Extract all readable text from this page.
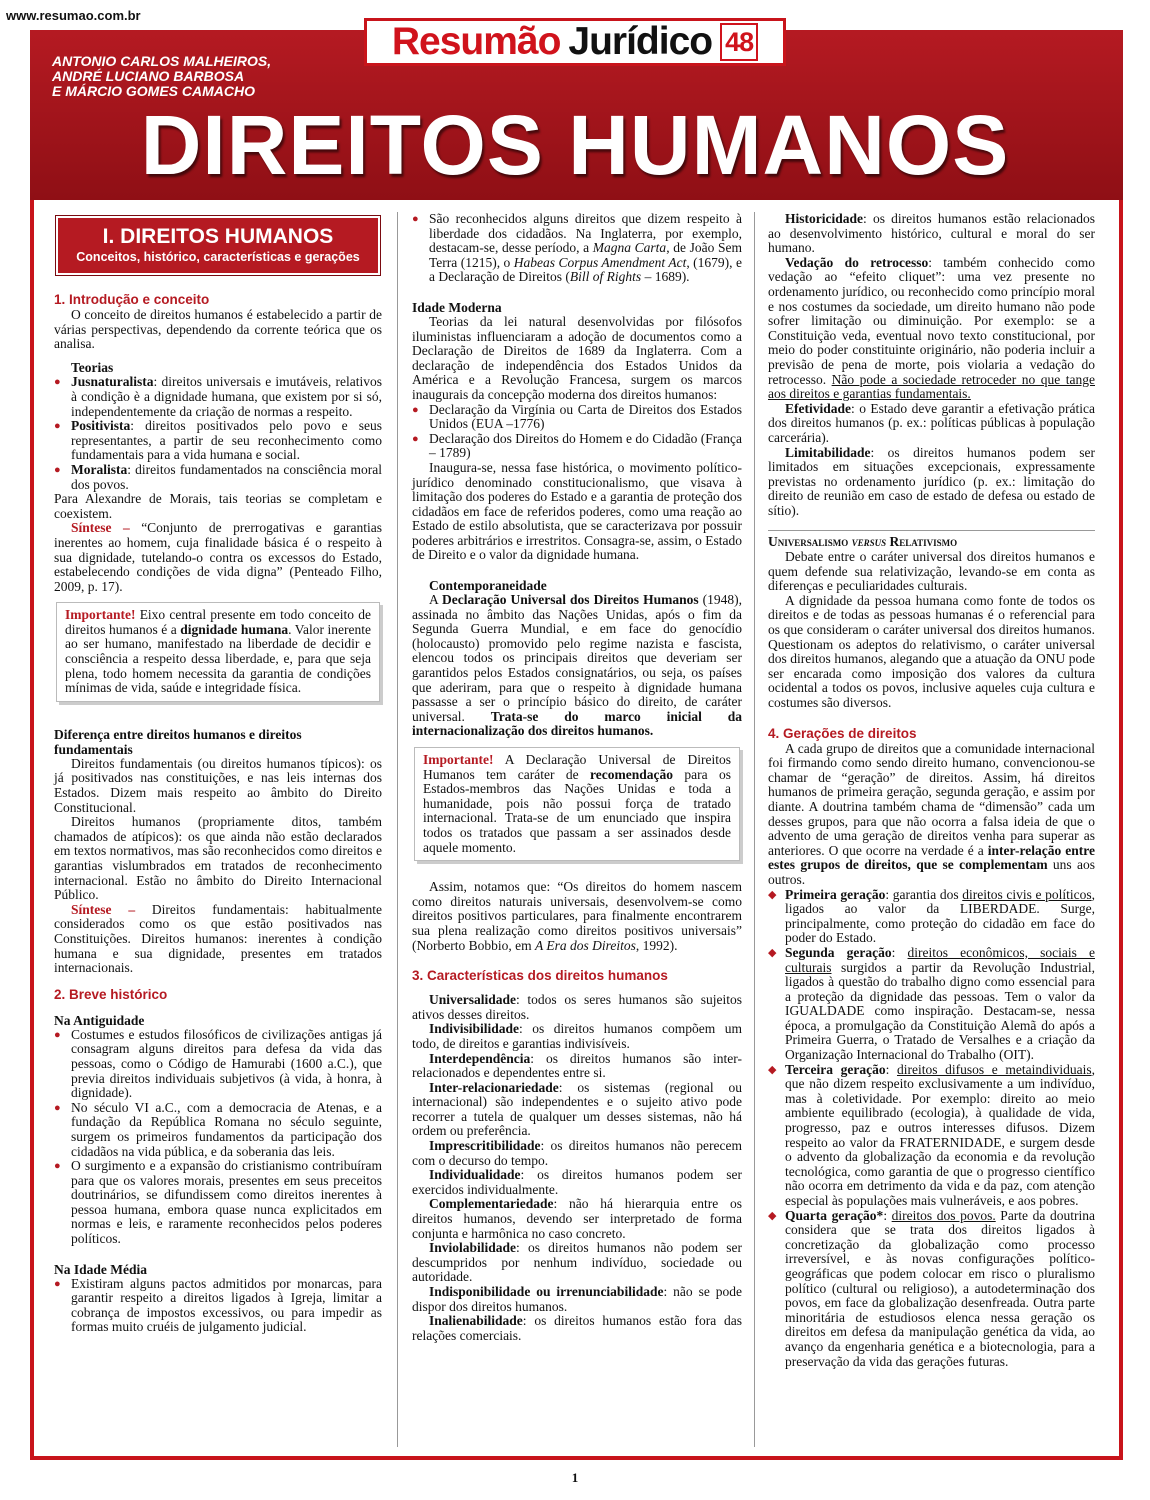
www.resumao.com.br
Resumão Jurídico 48
ANTONIO CARLOS MALHEIROS,
ANDRÉ LUCIANO BARBOSA
E MÁRCIO GOMES CAMACHO
DIREITOS HUMANOS
I. DIREITOS HUMANOS
Conceitos, histórico, características e gerações
1. Introdução e conceito

O conceito de direitos humanos é estabelecido a partir de várias perspectivas, dependendo da corrente teórica que os analisa.

Teorias

● Jusnaturalista: direitos universais e imutáveis, relativos à condição è a dignidade humana, que existem por si só, independentemente da criação de normas a respeito.
● Positivista: direitos positivados pelo povo e seus representantes, a partir de seu reconhecimento como fundamentais para a vida humana e social.
● Moralista: direitos fundamentados na consciência moral dos povos.

Para Alexandre de Morais, tais teorias se completam e coexistem.

Síntese – “Conjunto de prerrogativas e garantias inerentes ao homem, cuja finalidade básica é o respeito à sua dignidade, tutelando-o contra os excessos do Estado, estabelecendo condições de vida digna” (Penteado Filho, 2009, p. 17).

Importante! Eixo central presente em todo conceito de direitos humanos é a dignidade humana. Valor inerente ao ser humano, manifestado na liberdade de decidir e consciência a respeito dessa liberdade, e, para que seja plena, todo homem necessita da garantia de condições mínimas de vida, saúde e integridade física.

Diferença entre direitos humanos e direitos fundamentais

Direitos fundamentais (ou direitos humanos típicos): os já positivados nas constituições, e nas leis internas dos Estados. Dizem mais respeito ao âmbito do Direito Constitucional.

Direitos humanos (propriamente ditos, também chamados de atípicos): os que ainda não estão declarados em textos normativos, mas são reconhecidos como direitos e garantias vislumbrados em tratados de reconhecimento internacional. Estão no âmbito do Direito Internacional Público.

Síntese – Direitos fundamentais: habitualmente considerados como os que estão positivados nas Constituições. Direitos humanos: inerentes à condição humana e sua dignidade, presentes em tratados internacionais.

2. Breve histórico
Na Antiguidade
● Costumes e estudos filosóficos de civilizações antigas já consagram alguns direitos para defesa da vida das pessoas, como o Código de Hamurabi (1600 a.C.), que previa direitos individuais subjetivos (à vida, à honra, à dignidade).
● No século VI a.C., com a democracia de Atenas, e a fundação da República Romana no século seguinte, surgem os primeiros fundamentos da participação dos cidadãos na vida pública, e da soberania das leis.
● O surgimento e a expansão do cristianismo contribuíram para que os valores morais, presentes em seus preceitos doutrinários, se difundissem como direitos inerentes à pessoa humana, embora quase nunca explicitados em normas e leis, e raramente reconhecidos pelos poderes políticos.
Na Idade Média
● Existiram alguns pactos admitidos por monarcas, para garantir respeito a direitos ligados à Igreja, limitar a cobrança de impostos excessivos, ou para impedir as formas muito cruéis de julgamento judicial.
● São reconhecidos alguns direitos que dizem respeito à liberdade dos cidadãos. Na Inglaterra, por exemplo, destacam-se, desse período, a Magna Carta, de João Sem Terra (1215), o Habeas Corpus Amendment Act, (1679), e a Declaração de Direitos (Bill of Rights – 1689).
Idade Moderna

Teorias da lei natural desenvolvidas por filósofos iluministas influenciaram a adoção de documentos como a Declaração de Direitos de 1689 da Inglaterra. Com a declaração de independência dos Estados Unidos da América e a Revolução Francesa, surgem os marcos inaugurais da concepção moderna dos direitos humanos:

● Declaração da Virgínia ou Carta de Direitos dos Estados Unidos (EUA –1776)
● Declaração dos Direitos do Homem e do Cidadão (França – 1789)

Inaugura-se, nessa fase histórica, o movimento político-jurídico denominado constitucionalismo, que visava à limitação dos poderes do Estado e a garantia de proteção dos cidadãos em face de referidos poderes, como uma reação ao Estado de estilo absolutista, que se caracterizava por possuir poderes arbitrários e irrestritos. Consagra-se, assim, o Estado de Direito e o valor da dignidade humana.

Contemporaneidade

A Declaração Universal dos Direitos Humanos (1948), assinada no âmbito das Nações Unidas, após o fim da Segunda Guerra Mundial, e em face do genocídio (holocausto) promovido pelo regime nazista e fascista, elencou todos os principais direitos que deveriam ser garantidos pelos Estados consignatários, ou seja, os países que aderiram, para que o respeito à dignidade humana passasse a ser o princípio básico do direito, de caráter universal. Trata-se do marco inicial da internacionalização dos direitos humanos.

Importante! A Declaração Universal de Direitos Humanos tem caráter de recomendação para os Estados-membros das Nações Unidas e toda a humanidade, pois não possui força de tratado internacional. Trata-se de um enunciado que inspira todos os tratados que passam a ser assinados desde aquele momento.

Assim, notamos que: “Os direitos do homem nascem como direitos naturais universais, desenvolvem-se como direitos positivos particulares, para finalmente encontrarem sua plena realização como direitos positivos universais” (Norberto Bobbio, em A Era dos Direitos, 1992).

3. Características dos direitos humanos

Universalidade: todos os seres humanos são sujeitos ativos desses direitos.

Indivisibilidade: os direitos humanos compõem um todo, de direitos e garantias indivisíveis.

Interdependência: os direitos humanos são inter-relacionados e dependentes entre si.

Inter-relacionariedade: os sistemas (regional ou internacional) são independentes e o sujeito ativo pode recorrer a tutela de qualquer um desses sistemas, não há ordem ou preferência.

Imprescritibilidade: os direitos humanos não perecem com o decurso do tempo.

Individualidade: os direitos humanos podem ser exercidos individualmente.

Complementariedade: não há hierarquia entre os direitos humanos, devendo ser interpretado de forma conjunta e harmônica no caso concreto.

Inviolabilidade: os direitos humanos não podem ser descumpridos por nenhum indivíduo, sociedade ou autoridade.

Indisponibilidade ou irrenunciabilidade: não se pode dispor dos direitos humanos.

Inalienabilidade: os direitos humanos estão fora das relações comerciais.

Historicidade: os direitos humanos estão relacionados ao desenvolvimento histórico, cultural e moral do ser humano.

Vedação do retrocesso: também conhecido como vedação ao “efeito cliquet”: uma vez presente no ordenamento jurídico, ou reconhecido como princípio moral e nos costumes da sociedade, um direito humano não pode sofrer limitação ou diminuição. Por exemplo: se a Constituição veda, eventual novo texto constitucional, por meio do poder constituinte originário, não poderia incluir a previsão de pena de morte, pois violaria a vedação do retrocesso. Não pode a sociedade retroceder no que tange aos direitos e garantias fundamentais.

Efetividade: o Estado deve garantir a efetivação prática dos direitos humanos (p. ex.: políticas públicas à população carcerária).

Limitabilidade: os direitos humanos podem ser limitados em situações excepcionais, expressamente previstas no ordenamento jurídico (p. ex.: limitação do direito de reunião em caso de estado de defesa ou estado de sítio).

Universalismo versus Relativismo

Debate entre o caráter universal dos direitos humanos e quem defende sua relativização, levando-se em conta as diferenças e peculiaridades culturais.

A dignidade da pessoa humana como fonte de todos os direitos e de todas as pessoas humanas é o referencial para os que consideram o caráter universal dos direitos humanos. Questionam os adeptos do relativismo, o caráter universal dos direitos humanos, alegando que a atuação da ONU pode ser encarada como imposição dos valores da cultura ocidental a todos os povos, inclusive aqueles cuja cultura e costumes são diversos.

4. Gerações de direitos

A cada grupo de direitos que a comunidade internacional foi firmando como sendo direito humano, convencionou-se chamar de “geração” de direitos. Assim, há direitos humanos de primeira geração, segunda geração, e assim por diante. A doutrina também chama de “dimensão” cada um desses grupos, para que não ocorra a falsa ideia de que o advento de uma geração de direitos venha para superar as anteriores. O que ocorre na verdade é a inter-relação entre estes grupos de direitos, que se complementam uns aos outros.

◆ Primeira geração: garantia dos direitos civis e políticos, ligados ao valor da LIBERDADE. Surge, principalmente, como proteção do cidadão em face do poder do Estado.
◆ Segunda geração: direitos econômicos, sociais e culturais surgidos a partir da Revolução Industrial, ligados à questão do trabalho digno como essencial para a proteção da dignidade das pessoas. Tem o valor da IGUALDADE como inspiração. Destacam-se, nessa época, a promulgação da Constituição Alemã do após a Primeira Guerra, o Tratado de Versalhes e a criação da Organização Internacional do Trabalho (OIT).
◆ Terceira geração: direitos difusos e metaindividuais, que não dizem respeito exclusivamente a um indivíduo, mas à coletividade. Por exemplo: direito ao meio ambiente equilibrado (ecologia), à qualidade de vida, progresso, paz e outros interesses difusos. Dizem respeito ao valor da FRATERNIDADE, e surgem desde o advento da globalização da economia e da revolução tecnológica, como garantia de que o progresso científico não ocorra em detrimento da vida e da paz, com atenção especial às populações mais vulneráveis, e aos pobres.
◆ Quarta geração*: direitos dos povos. Parte da doutrina considera que se trata dos direitos ligados à concretização da globalização como processo irreversível, e às novas configurações político-geográficas que podem colocar em risco o pluralismo político (cultural ou religioso), a autodeterminação dos povos, em face da globalização desenfreada. Outra parte minoritária de estudiosos elenca nessa geração os direitos em defesa da manipulação genética da vida, ao avanço da engenharia genética e a biotecnologia, para a preservação da vida das gerações futuras.
1
